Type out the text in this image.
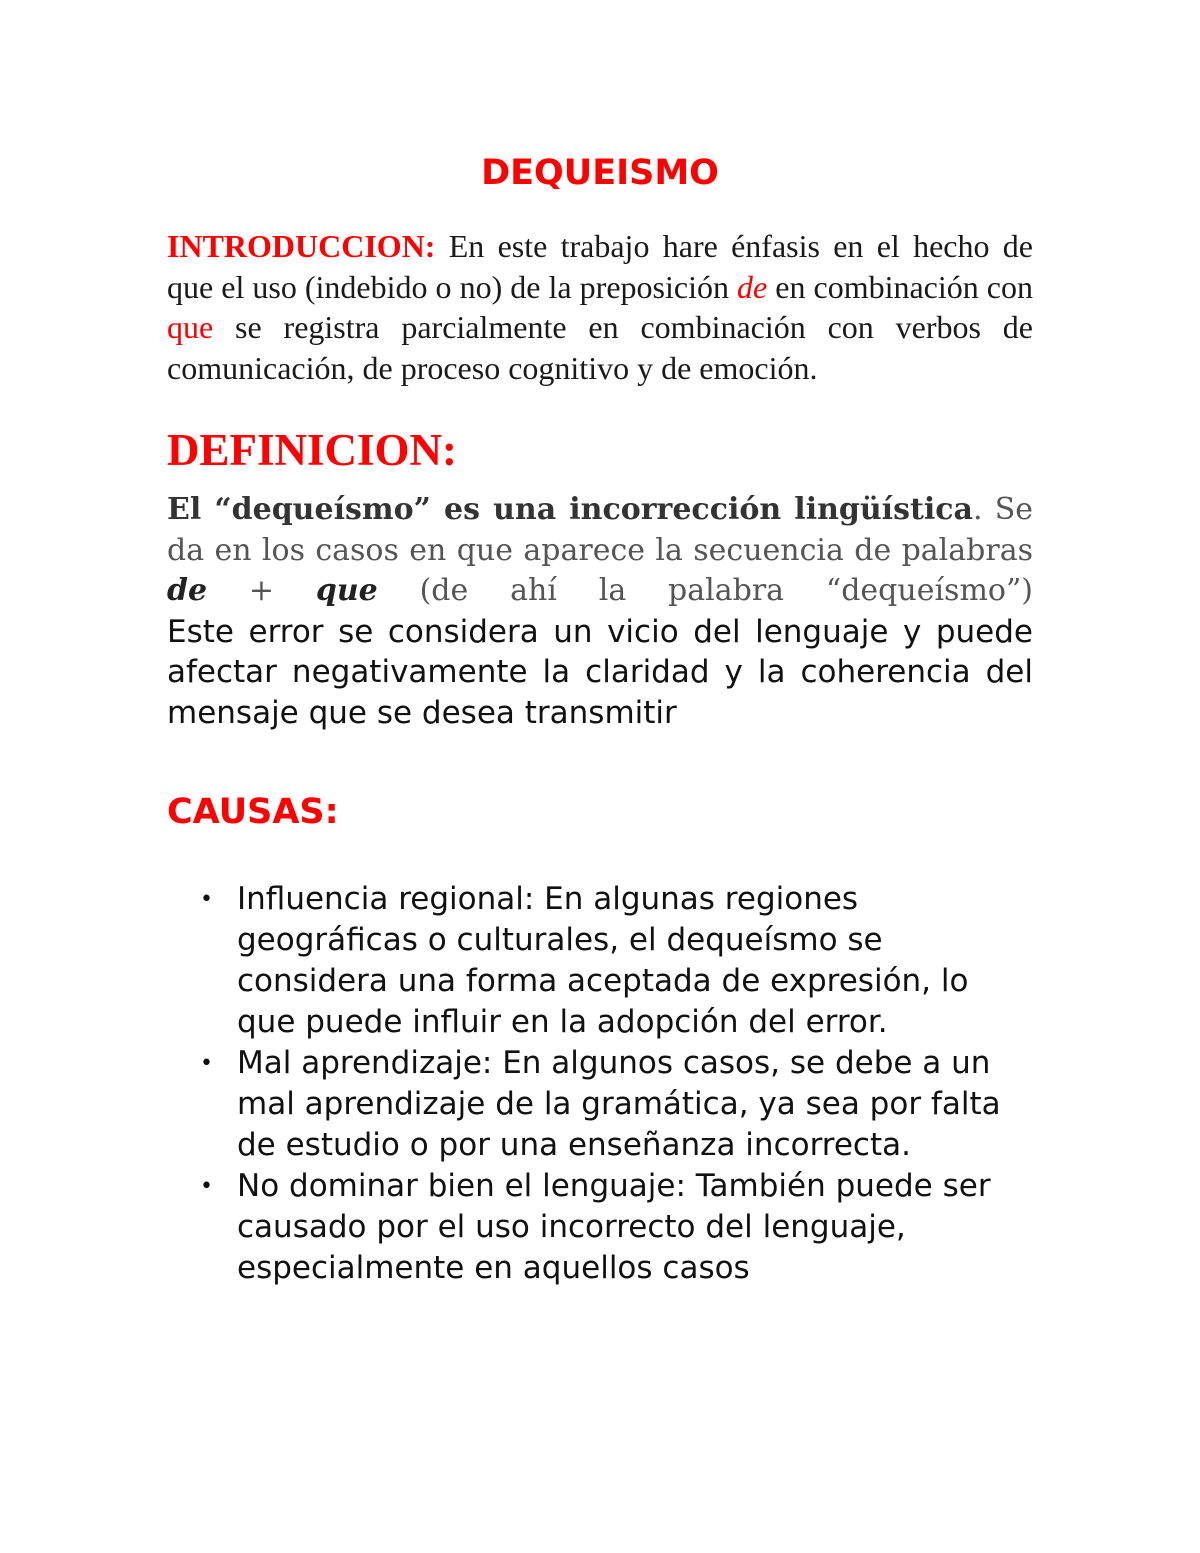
DEQUEISMO

INTRODUCCION: En este trabajo hare énfasis en el hecho de que el uso (indebido o no) de la preposición de en combinación con que se registra parcialmente en combinación con verbos de comunicación, de proceso cognitivo y de emoción.

DEFINICION:

El “dequeísmo” es una incorrección lingüística. Se da en los casos en que aparece la secuencia de palabras de + que (de ahí la palabra “dequeísmo”)

Este error se considera un vicio del lenguaje y puede afectar negativamente la claridad y la coherencia del mensaje que se desea transmitir

CAUSAS:
• Influencia regional: En algunas regiones geográficas o culturales, el dequeísmo se considera una forma aceptada de expresión, lo que puede influir en la adopción del error.
• Mal aprendizaje: En algunos casos, se debe a un mal aprendizaje de la gramática, ya sea por falta de estudio o por una enseñanza incorrecta.
• No dominar bien el lenguaje: También puede ser causado por el uso incorrecto del lenguaje, especialmente en aquellos casos
